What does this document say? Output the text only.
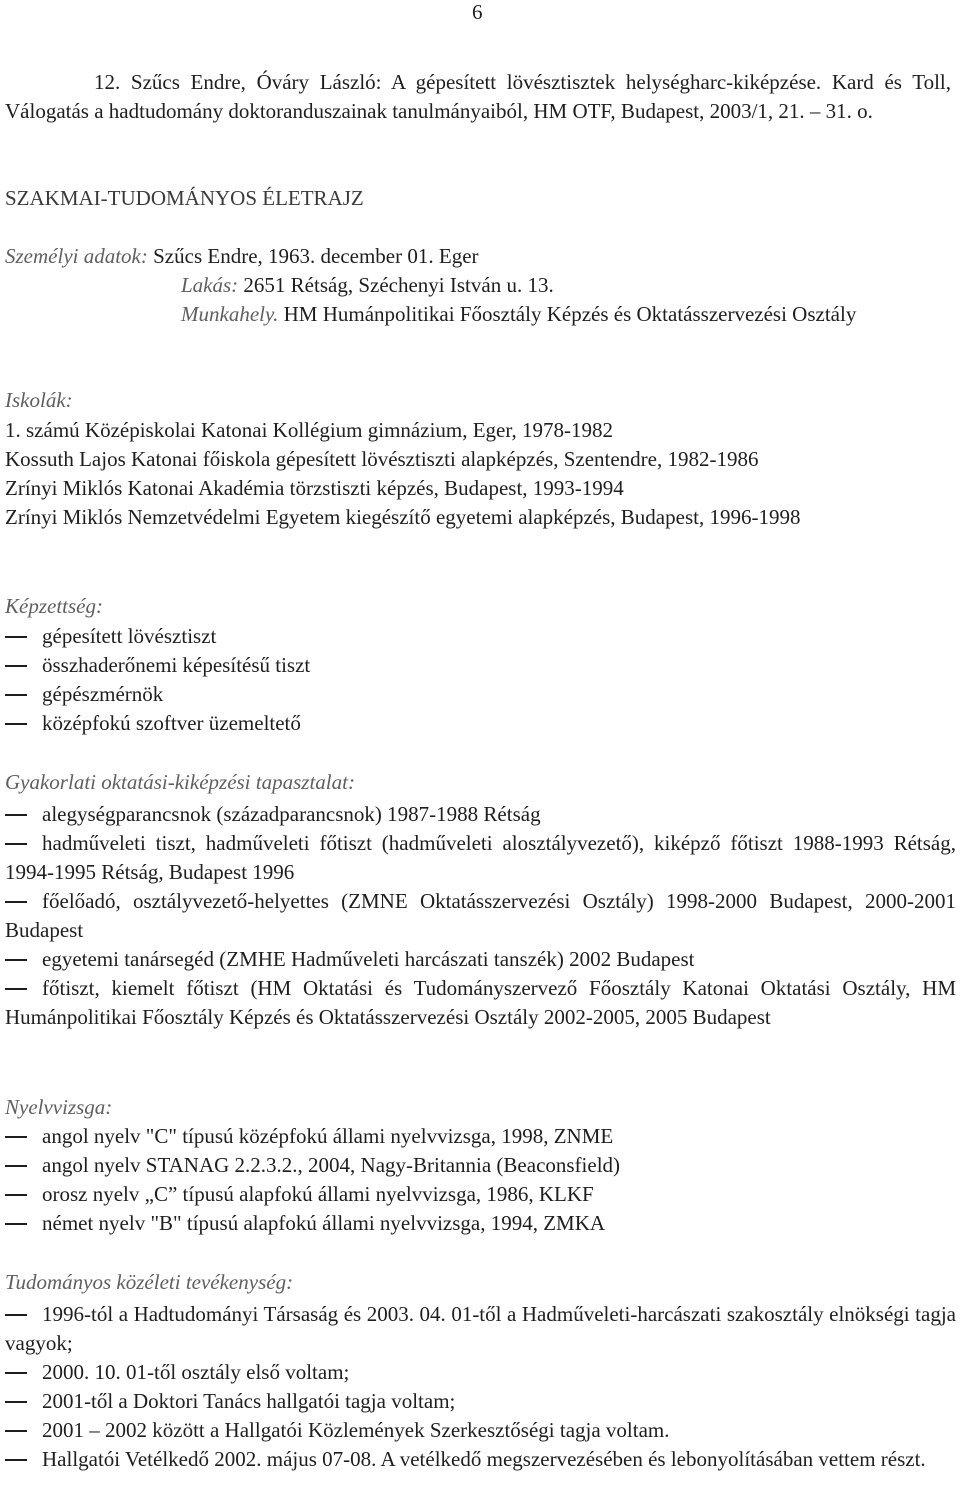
6
12. Szűcs Endre, Óváry László: A gépesített lövésztisztek helységharc-kiképzése. Kard és Toll, Válogatás a hadtudomány doktoranduszainak tanulmányaiból, HM OTF, Budapest, 2003/1, 21. – 31. o.
SZAKMAI-TUDOMÁNYOS ÉLETRAJZ
Személyi adatok: Szűcs Endre, 1963. december 01. Eger
Lakás: 2651 Rétság, Széchenyi István u. 13.
Munkahely. HM Humánpolitikai Főosztály Képzés és Oktatásszervezési Osztály
Iskolák:
1. számú Középiskolai Katonai Kollégium gimnázium, Eger, 1978-1982
Kossuth Lajos Katonai főiskola gépesített lövésztiszti alapképzés, Szentendre, 1982-1986
Zrínyi Miklós Katonai Akadémia törzstiszti képzés, Budapest, 1993-1994
Zrínyi Miklós Nemzetvédelmi Egyetem kiegészítő egyetemi alapképzés, Budapest, 1996-1998
Képzettség:
gépesített lövésztiszt
összhaderőnemi képesítésű tiszt
gépészmérnök
középfokú szoftver üzemeltető
Gyakorlati oktatási-kiképzési tapasztalat:
alegységparancsnok (századparancsnok) 1987-1988 Rétság
hadműveleti tiszt, hadműveleti főtiszt (hadműveleti alosztályvezető), kiképző főtiszt 1988-1993 Rétság, 1994-1995 Rétság, Budapest 1996
főelőadó, osztályvezető-helyettes (ZMNE Oktatásszervezési Osztály) 1998-2000 Budapest, 2000-2001 Budapest
egyetemi tanársegéd (ZMHE Hadműveleti harcászati tanszék) 2002 Budapest
főtiszt, kiemelt főtiszt (HM Oktatási és Tudományszervező Főosztály Katonai Oktatási Osztály, HM Humánpolitikai Főosztály Képzés és Oktatásszervezési Osztály 2002-2005, 2005 Budapest
Nyelvvizsga:
angol nyelv "C" típusú középfokú állami nyelvvizsga, 1998, ZNME
angol nyelv STANAG 2.2.3.2., 2004, Nagy-Britannia (Beaconsfield)
orosz nyelv „C” típusú alapfokú állami nyelvvizsga, 1986, KLKF
német nyelv "B" típusú alapfokú állami nyelvvizsga, 1994, ZMKA
Tudományos közéleti tevékenység:
1996-tól a Hadtudományi Társaság és 2003. 04. 01-től a Hadműveleti-harcászati szakosztály elnökségi tagja vagyok;
2000. 10. 01-től osztály első voltam;
2001-től a Doktori Tanács hallgatói tagja voltam;
2001 – 2002 között a Hallgatói Közlemények Szerkesztőségi tagja voltam.
Hallgatói Vetélkedő 2002. május 07-08. A vetélkedő megszervezésében és lebonyolításában vettem részt.
